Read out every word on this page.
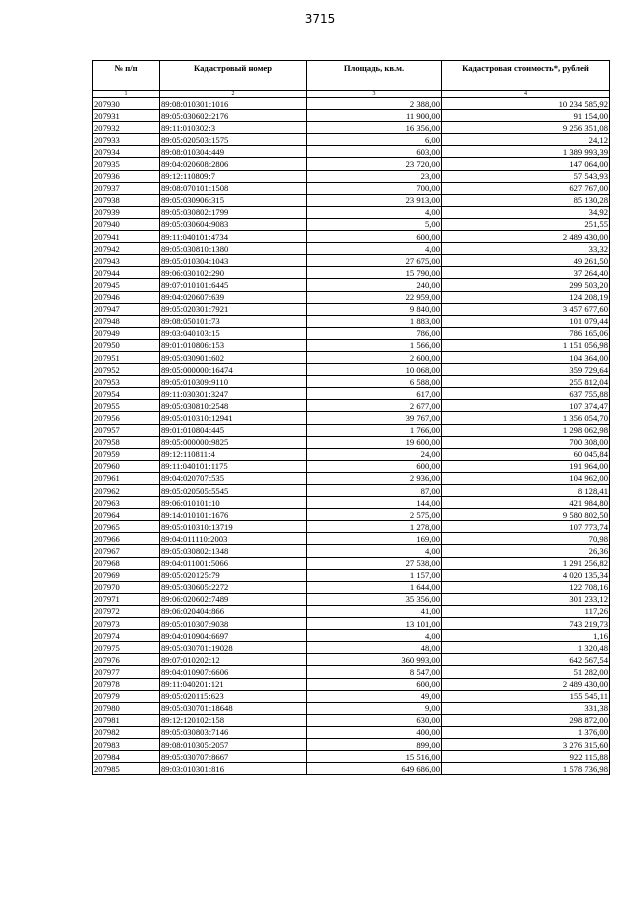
3715
№ п/п	Кадастровый номер	Площадь, кв.м.	Кадастровая стоимость*, рублей
1	2	3	4
207930	89:08:010301:1016	2 388,00	10 234 585,92
207931	89:05:030602:2176	11 900,00	91 154,00
207932	89:11:010302:3	16 356,00	9 256 351,08
207933	89:05:020503:1575	6,00	24,12
207934	89:08:010304:449	603,00	1 389 993,39
207935	89:04:020608:2806	23 720,00	147 064,00
207936	89:12:110809:7	23,00	57 543,93
207937	89:08:070101:1508	700,00	627 767,00
207938	89:05:030906:315	23 913,00	85 130,28
207939	89:05:030802:1799	4,00	34,92
207940	89:05:030604:9083	5,00	251,55
207941	89:11:040101:4734	600,00	2 489 430,00
207942	89:05:030810:1380	4,00	33,32
207943	89:05:010304:1043	27 675,00	49 261,50
207944	89:06:030102:290	15 790,00	37 264,40
207945	89:07:010101:6445	240,00	299 503,20
207946	89:04:020607:639	22 959,00	124 208,19
207947	89:05:020301:7921	9 840,00	3 457 677,60
207948	89:08:050101:73	1 883,00	101 079,44
207949	89:03:040103:15	786,00	786 165,06
207950	89:01:010806:153	1 566,00	1 151 056,98
207951	89:05:030901:602	2 600,00	104 364,00
207952	89:05:000000:16474	10 068,00	359 729,64
207953	89:05:010309:9110	6 588,00	255 812,04
207954	89:11:030301:3247	617,00	637 755,88
207955	89:05:030810:2548	2 677,00	107 374,47
207956	89:05:010310:12941	39 767,00	1 356 054,70
207957	89:01:010804:445	1 766,00	1 298 062,98
207958	89:05:000000:9825	19 600,00	700 308,00
207959	89:12:110811:4	24,00	60 045,84
207960	89:11:040101:1175	600,00	191 964,00
207961	89:04:020707:535	2 936,00	104 962,00
207962	89:05:020505:5545	87,00	8 128,41
207963	89:06:010101:10	144,00	421 984,80
207964	89:14:010101:1676	2 575,00	9 580 802,50
207965	89:05:010310:13719	1 278,00	107 773,74
207966	89:04:011110:2003	169,00	70,98
207967	89:05:030802:1348	4,00	26,36
207968	89:04:011001:5066	27 538,00	1 291 256,82
207969	89:05:020125:79	1 157,00	4 020 135,34
207970	89:05:030605:2272	1 644,00	122 708,16
207971	89:06:020602:7489	35 356,00	301 233,12
207972	89:06:020404:866	41,00	117,26
207973	89:05:010307:9038	13 101,00	743 219,73
207974	89:04:010904:6697	4,00	1,16
207975	89:05:030701:19028	48,00	1 320,48
207976	89:07:010202:12	360 993,00	642 567,54
207977	89:04:010907:6606	8 547,00	51 282,00
207978	89:11:040201:121	600,00	2 489 430,00
207979	89:05:020115:623	49,00	155 545,11
207980	89:05:030701:18648	9,00	331,38
207981	89:12:120102:158	630,00	298 872,00
207982	89:05:030803:7146	400,00	1 376,00
207983	89:08:010305:2057	899,00	3 276 315,60
207984	89:05:030707:8667	15 516,00	922 115,88
207985	89:03:010301:816	649 686,00	1 578 736,98
